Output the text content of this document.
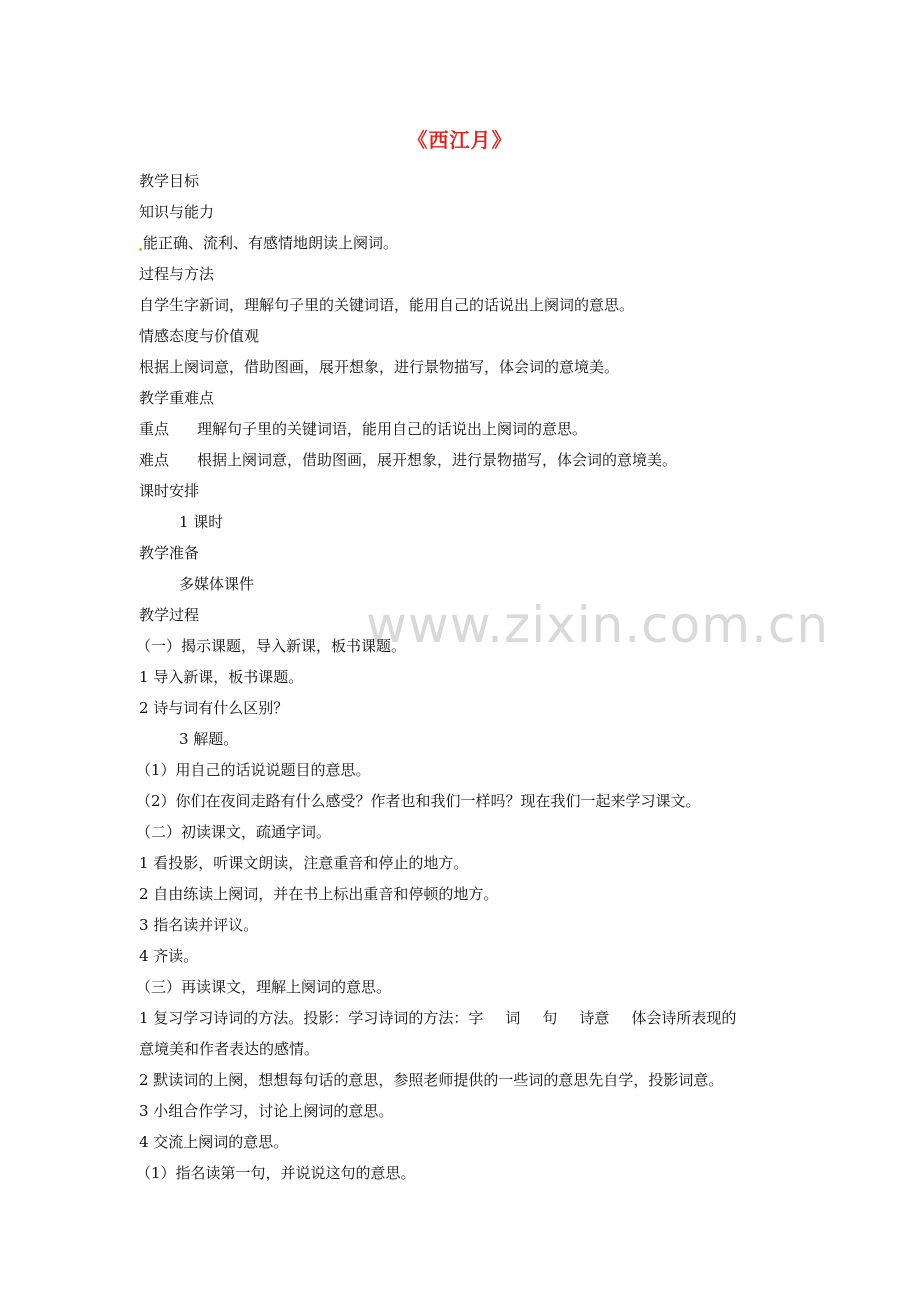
www.zixin.com.cn
《西江月》
教学目标
知识与能力
能正确、流利、有感情地朗读上阕词。
过程与方法
自学生字新词，理解句子里的关键词语，能用自己的话说出上阕词的意思。
情感态度与价值观
根据上阕词意，借助图画，展开想象，进行景物描写，体会词的意境美。
教学重难点
重点 理解句子里的关键词语，能用自己的话说出上阕词的意思。
难点 根据上阕词意，借助图画，展开想象，进行景物描写，体会词的意境美。
课时安排
1 课时
教学准备
多媒体课件
教学过程
（一）揭示课题，导入新课，板书课题。
1 导入新课，板书课题。
2 诗与词有什么区别？
3 解题。
（1）用自己的话说说题目的意思。
（2）你们在夜间走路有什么感受？作者也和我们一样吗？现在我们一起来学习课文。
（二）初读课文，疏通字词。
1 看投影，听课文朗读，注意重音和停止的地方。
2 自由练读上阕词，并在书上标出重音和停顿的地方。
3 指名读并评议。
4 齐读。
（三）再读课文，理解上阕词的意思。
1 复习学习诗词的方法。投影：学习诗词的方法：字 词 句 诗意 体会诗所表现的
意境美和作者表达的感情。
2 默读词的上阕，想想每句话的意思，参照老师提供的一些词的意思先自学，投影词意。
3 小组合作学习，讨论上阕词的意思。
4 交流上阕词的意思。
（1）指名读第一句，并说说这句的意思。
